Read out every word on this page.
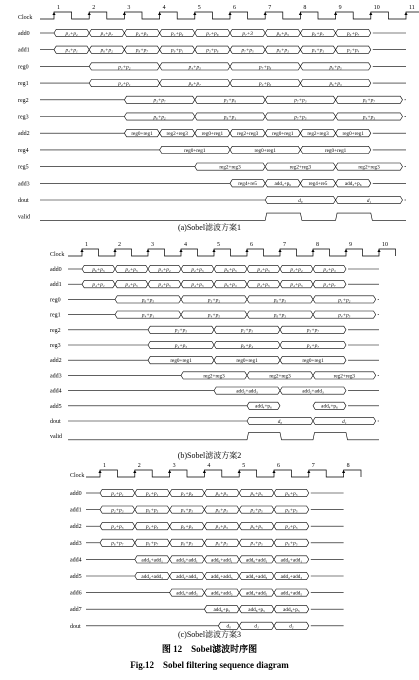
Clock
1	2	3	4	5	6	7	8	9	10	11
add0	p₁+p₂	p₃+p₇	p₄+p₅	p₃+p₉	p₇+p₈	p₇+3	p₆+p₅	p₆+p₇	p₆+p₇
add1	p₄+p₁	p₆+p₂	p₈+p₇	p₉+p₁	p₃+p₆	p₇+p₅	p₆+p₃	p₄+p₃	p₂+p₄
reg0	p₁+p₂	p₄+p₅	p₇+p₈	p₆+p₅
reg1	p₄+p₁	p₈+p₇	p₃+p₆	p₆+p₃
reg2	p₃+p₇	p₃+p₉	p₇+p₃	p₆+p₇
reg3	p₆+p₂	p₉+p₁	p₇+p₅	p₄+p₃
add2	reg0+reg1	reg2+reg3	reg0+reg1	reg2+reg3	reg0+reg1	reg2+reg3	reg0+reg1
reg4	reg0+reg1	reg0+reg1	reg0+reg1
reg5	reg2+reg3	reg2+reg3	reg2+reg3
add3	reg4+re5	add₃+p₆	reg4+re5	add₃+p₆
dout	d₀	d₁
valid
Clock
1	2	3	4	5	6	7	8	9	10
add0	p₆+p₅	p₂+p₅	p₃+p₂	p₂+p₅	p₆+p₅	p₄+p₅	p₁+p₂	p₂+p₃
add1	p₄+p₁	p₄+p₅	p₄+p₅	p₄+p₅	p₆+p₃	p₄+p₅	p₄+p₅	p₄+p₇
reg0	p₆+p₅	p₃+p₂	p₆+p₅	p₁+p₂
reg1	p₄+p₁	p₄+p₅	p₆+p₃	p₄+p₅
reg2	p₂+p₅	p₂+p₅	p₅+p₇
reg3	p₄+p₅	p₆+p₂	p₄+p₇
add2	reg0+reg1	reg0+reg1	reg0+reg1
add3	reg2+reg3	reg2+reg3	reg2+reg3
add4	add₂+add₃	add₂+add₃
add5	add₄+p₆	add₄+p₆
dout	d₀	d₁
valid
Clock
1	2	3	4	5	6	7	8
add0	p₂+p₁	p₄+p₁	p₃+p₈	p₆+p₅	p₆+p₅	p₆+p₅
add1	p₂+p₃	p₆+p₃	p₄+p₅	p₆+p₅	p₂+p₅	p₆+p₅
add2	p₄+p₅	p₄+p₅	p₆+p₅	p₃+p₅	p₆+p₅	p₄+p₅
add3	p₆+p₇	p₆+p₇	p₆+p₅	p₆+p₅	p₄+p₅	p₆+p₅
add4	add₀+add₁	add₀+add₁	add₀+add₁	add₀+add₁	add₀+add₁
add5	add₂+add₃	add₂+add₃	add₂+add₃	add₂+add₃	add₂+add₃
add6	add₄+add₅	add₄+add₅	add₄+add₅	add₄+add₅
add7	add₆+p₅	add₆+p₅	add₆+p₅
dout	d₀	d₁	d₂
(a)Sobel滤波方案1
(b)Sobel滤波方案2
(c)Sobel滤波方案3
图 12　Sobel滤波时序图
Fig.12　Sobel filtering sequence diagram
